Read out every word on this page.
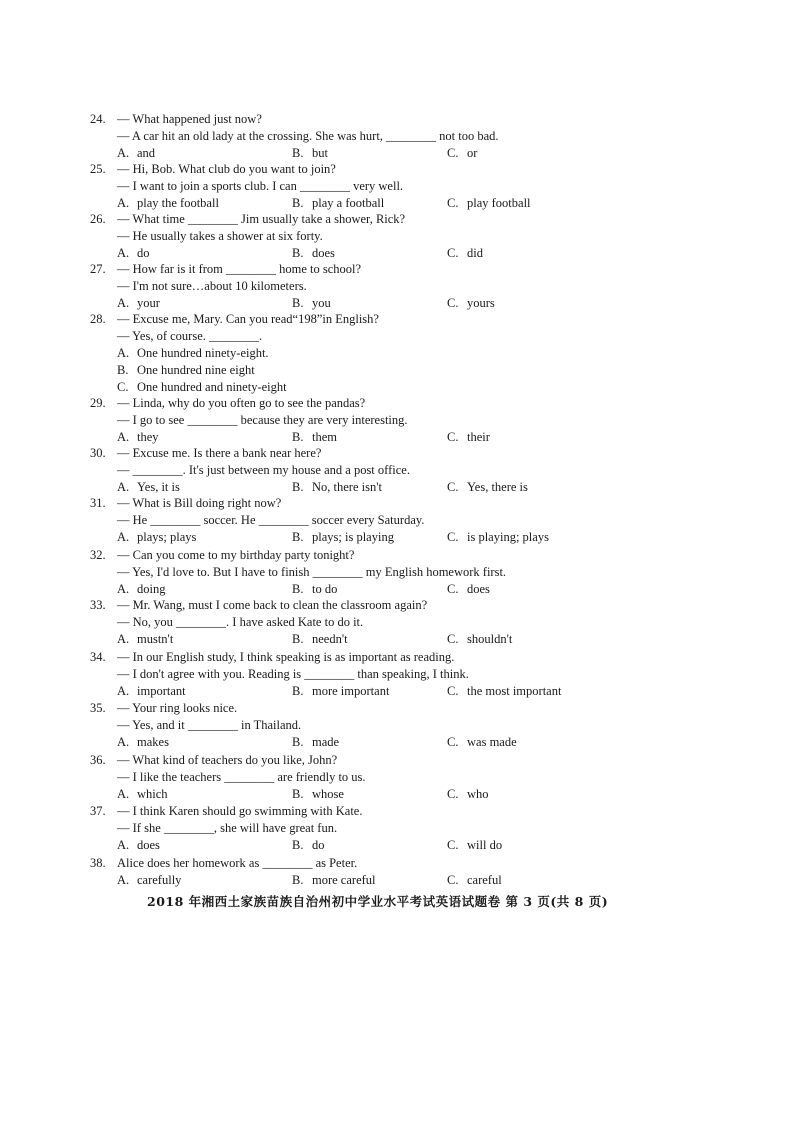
24. — What happened just now?
— A car hit an old lady at the crossing. She was hurt, ________ not too bad.
A. and	B. but	C. or
25. — Hi, Bob. What club do you want to join?
— I want to join a sports club. I can ________ very well.
A. play the football	B. play a football	C. play football
26. — What time ________ Jim usually take a shower, Rick?
— He usually takes a shower at six forty.
A. do	B. does	C. did
27. — How far is it from ________ home to school?
— I'm not sure…about 10 kilometers.
A. your	B. you	C. yours
28. — Excuse me, Mary. Can you read“198”in English?
— Yes, of course. ________.
A. One hundred ninety-eight.
B. One hundred nine eight
C. One hundred and ninety-eight
29. — Linda, why do you often go to see the pandas?
— I go to see ________ because they are very interesting.
A. they	B. them	C. their
30. — Excuse me. Is there a bank near here?
— ________. It's just between my house and a post office.
A. Yes, it is	B. No, there isn't	C. Yes, there is
31. — What is Bill doing right now?
— He ________ soccer. He ________ soccer every Saturday.
A. plays; plays	B. plays; is playing	C. is playing; plays
32. — Can you come to my birthday party tonight?
— Yes, I'd love to. But I have to finish ________ my English homework first.
A. doing	B. to do	C. does
33. — Mr. Wang, must I come back to clean the classroom again?
— No, you ________. I have asked Kate to do it.
A. mustn't	B. needn't	C. shouldn't
34. — In our English study, I think speaking is as important as reading.
— I don't agree with you. Reading is ________ than speaking, I think.
A. important	B. more important	C. the most important
35. — Your ring looks nice.
— Yes, and it ________ in Thailand.
A. makes	B. made	C. was made
36. — What kind of teachers do you like, John?
— I like the teachers ________ are friendly to us.
A. which	B. whose	C. who
37. — I think Karen should go swimming with Kate.
— If she ________, she will have great fun.
A. does	B. do	C. will do
38. Alice does her homework as ________ as Peter.
A. carefully	B. more careful	C. careful
2018 年湘西土家族苗族自治州初中学业水平考试英语试题卷 第 3 页(共 8 页)
